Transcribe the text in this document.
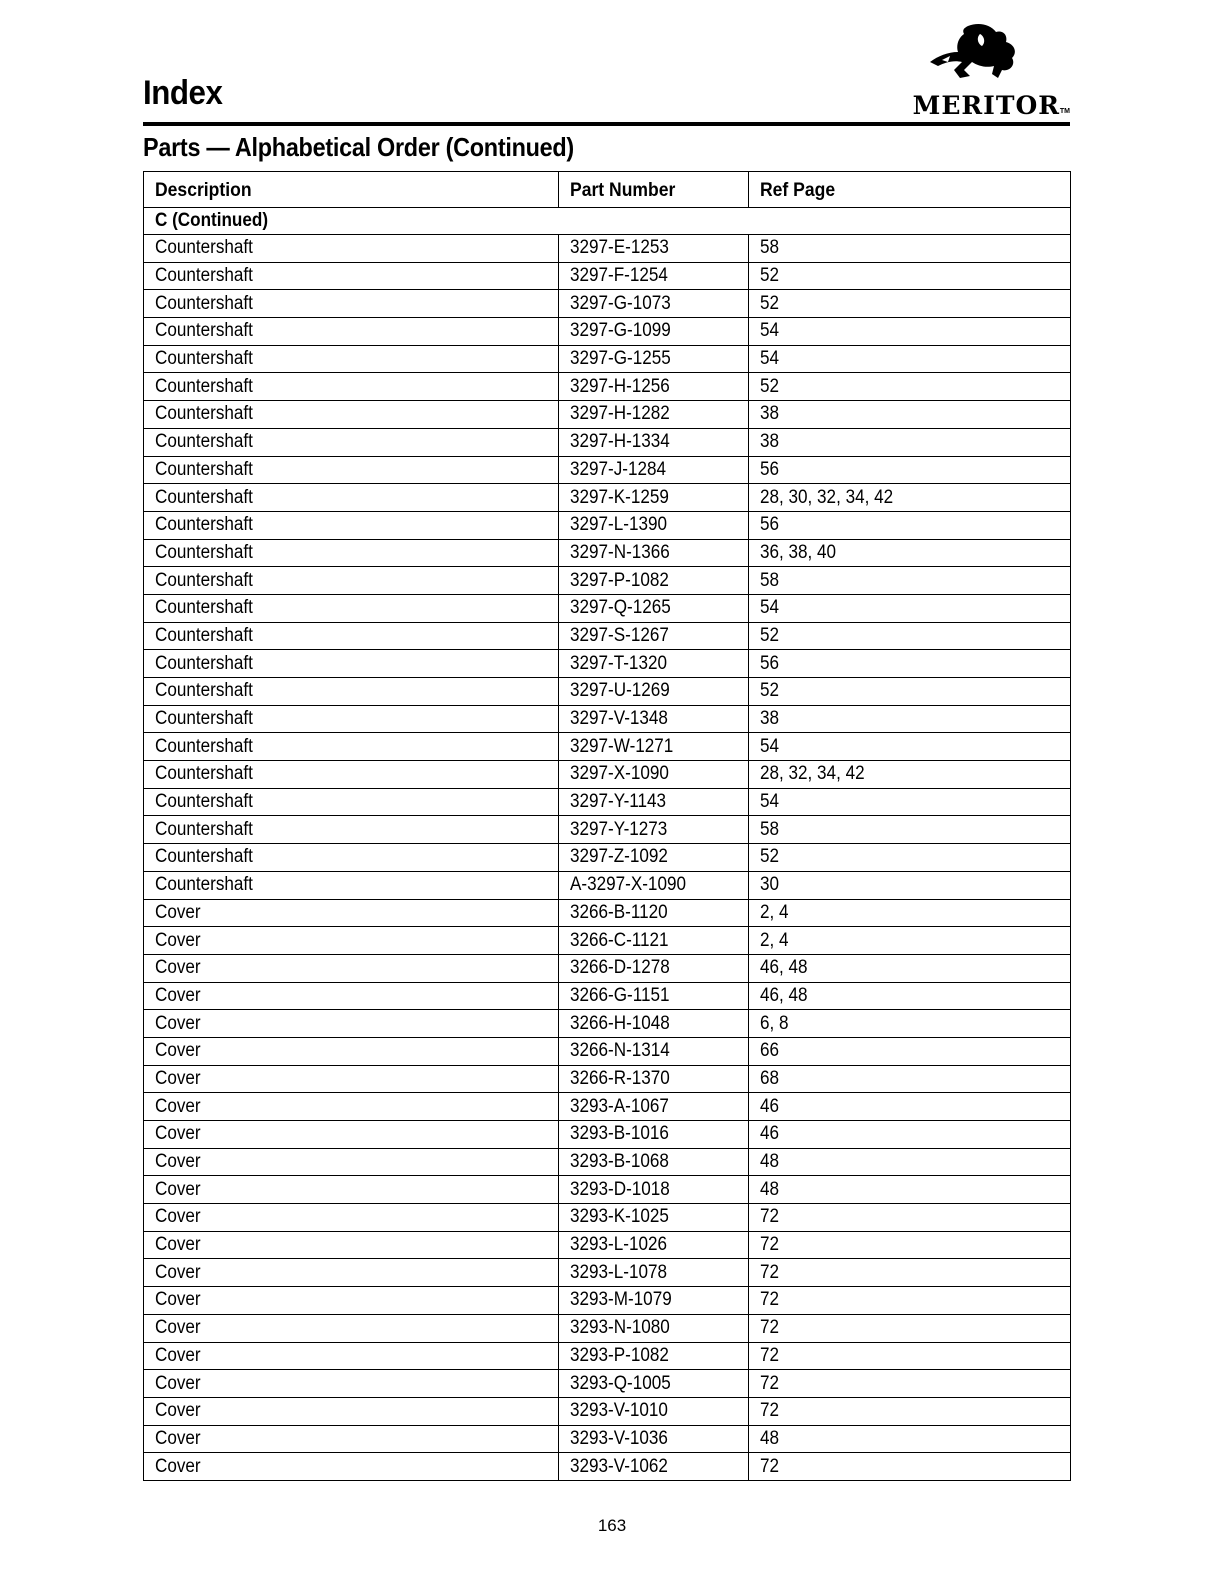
Index	MERITOR TM
Parts — Alphabetical Order (Continued)
Description	Part Number	Ref Page
C (Continued)		
Countershaft	3297-E-1253	58
Countershaft	3297-F-1254	52
Countershaft	3297-G-1073	52
Countershaft	3297-G-1099	54
Countershaft	3297-G-1255	54
Countershaft	3297-H-1256	52
Countershaft	3297-H-1282	38
Countershaft	3297-H-1334	38
Countershaft	3297-J-1284	56
Countershaft	3297-K-1259	28, 30, 32, 34, 42
Countershaft	3297-L-1390	56
Countershaft	3297-N-1366	36, 38, 40
Countershaft	3297-P-1082	58
Countershaft	3297-Q-1265	54
Countershaft	3297-S-1267	52
Countershaft	3297-T-1320	56
Countershaft	3297-U-1269	52
Countershaft	3297-V-1348	38
Countershaft	3297-W-1271	54
Countershaft	3297-X-1090	28, 32, 34, 42
Countershaft	3297-Y-1143	54
Countershaft	3297-Y-1273	58
Countershaft	3297-Z-1092	52
Countershaft	A-3297-X-1090	30
Cover	3266-B-1120	2, 4
Cover	3266-C-1121	2, 4
Cover	3266-D-1278	46, 48
Cover	3266-G-1151	46, 48
Cover	3266-H-1048	6, 8
Cover	3266-N-1314	66
Cover	3266-R-1370	68
Cover	3293-A-1067	46
Cover	3293-B-1016	46
Cover	3293-B-1068	48
Cover	3293-D-1018	48
Cover	3293-K-1025	72
Cover	3293-L-1026	72
Cover	3293-L-1078	72
Cover	3293-M-1079	72
Cover	3293-N-1080	72
Cover	3293-P-1082	72
Cover	3293-Q-1005	72
Cover	3293-V-1010	72
Cover	3293-V-1036	48
Cover	3293-V-1062	72
163
